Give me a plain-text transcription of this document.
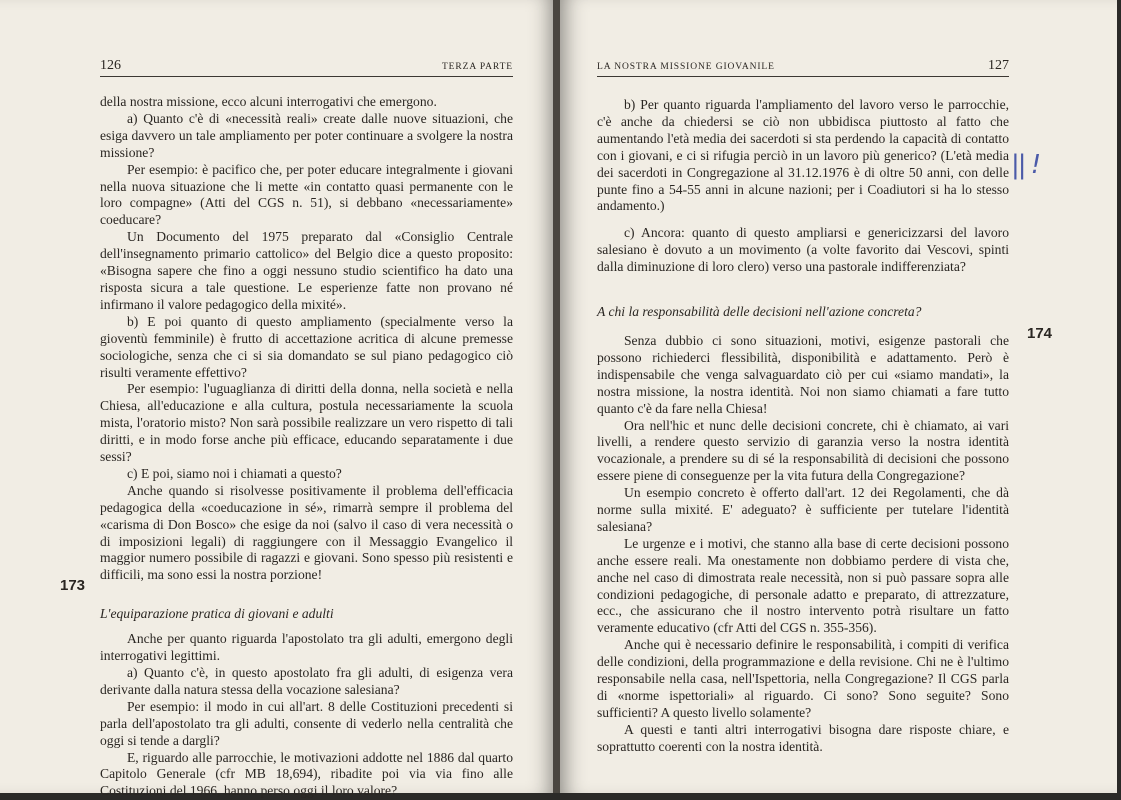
126	TERZA PARTE
173

della nostra missione, ecco alcuni interrogativi che emergono.

a) Quanto c'è di «necessità reali» create dalle nuove situazioni, che esiga davvero un tale ampliamento per poter continuare a svolgere la nostra missione?

Per esempio: è pacifico che, per poter educare integralmente i giovani nella nuova situazione che li mette «in contatto quasi permanente con le loro compagne» (Atti del CGS n. 51), si debbano «necessariamente» coeducare?

Un Documento del 1975 preparato dal «Consiglio Centrale dell'insegnamento primario cattolico» del Belgio dice a questo proposito: «Bisogna sapere che fino a oggi nessuno studio scientifico ha dato una risposta sicura a tale questione. Le esperienze fatte non provano né infirmano il valore pedagogico della mixité».

b) E poi quanto di questo ampliamento (specialmente verso la gioventù femminile) è frutto di accettazione acritica di alcune premesse sociologiche, senza che ci si sia domandato se sul piano pedagogico ciò risulti veramente effettivo?

Per esempio: l'uguaglianza di diritti della donna, nella società e nella Chiesa, all'educazione e alla cultura, postula necessariamente la scuola mista, l'oratorio misto? Non sarà possibile realizzare un vero rispetto di tali diritti, e in modo forse anche più efficace, educando separatamente i due sessi?

c) E poi, siamo noi i chiamati a questo?

Anche quando si risolvesse positivamente il problema dell'efficacia pedagogica della «coeducazione in sé», rimarrà sempre il problema del «carisma di Don Bosco» che esige da noi (salvo il caso di vera necessità o di imposizioni legali) di raggiungere con il Messaggio Evangelico il maggior numero possibile di ragazzi e giovani. Sono spesso più resistenti e difficili, ma sono essi la nostra porzione!

L'equiparazione pratica di giovani e adulti

Anche per quanto riguarda l'apostolato tra gli adulti, emergono degli interrogativi legittimi.

a) Quanto c'è, in questo apostolato fra gli adulti, di esigenza vera derivante dalla natura stessa della vocazione salesiana?

Per esempio: il modo in cui all'art. 8 delle Costituzioni precedenti si parla dell'apostolato tra gli adulti, consente di vederlo nella centralità che oggi si tende a dargli?

E, riguardo alle parrocchie, le motivazioni addotte nel 1886 dal quarto Capitolo Generale (cfr MB 18,694), ribadite poi via via fino alle Costituzioni del 1966, hanno perso oggi il loro valore?

LA NOSTRA MISSIONE GIOVANILE	127
174
|| !

b) Per quanto riguarda l'ampliamento del lavoro verso le parrocchie, c'è anche da chiedersi se ciò non ubbidisca piuttosto al fatto che aumentando l'età media dei sacerdoti si sta perdendo la capacità di contatto con i giovani, e ci si rifugia perciò in un lavoro più generico? (L'età media dei sacerdoti in Congregazione al 31.12.1976 è di oltre 50 anni, con delle punte fino a 54-55 anni in alcune nazioni; per i Coadiutori si ha lo stesso andamento.)

c) Ancora: quanto di questo ampliarsi e genericizzarsi del lavoro salesiano è dovuto a un movimento (a volte favorito dai Vescovi, spinti dalla diminuzione di loro clero) verso una pastorale indifferenziata?

A chi la responsabilità delle decisioni nell'azione concreta?

Senza dubbio ci sono situazioni, motivi, esigenze pastorali che possono richiederci flessibilità, disponibilità e adattamento. Però è indispensabile che venga salvaguardato ciò per cui «siamo mandati», la nostra missione, la nostra identità. Noi non siamo chiamati a fare tutto quanto c'è da fare nella Chiesa!

Ora nell'hic et nunc delle decisioni concrete, chi è chiamato, ai vari livelli, a rendere questo servizio di garanzia verso la nostra identità vocazionale, a prendere su di sé la responsabilità di decisioni che possono essere piene di conseguenze per la vita futura della Congregazione?

Un esempio concreto è offerto dall'art. 12 dei Regolamenti, che dà norme sulla mixité. E' adeguato? è sufficiente per tutelare l'identità salesiana?

Le urgenze e i motivi, che stanno alla base di certe decisioni possono anche essere reali. Ma onestamente non dobbiamo perdere di vista che, anche nel caso di dimostrata reale necessità, non si può passare sopra alle condizioni pedagogiche, di personale adatto e preparato, di attrezzature, ecc., che assicurano che il nostro intervento potrà risultare un fatto veramente educativo (cfr Atti del CGS n. 355-356).

Anche qui è necessario definire le responsabilità, i compiti di verifica delle condizioni, della programmazione e della revisione. Chi ne è l'ultimo responsabile nella casa, nell'Ispettoria, nella Congregazione? Il CGS parla di «norme ispettoriali» al riguardo. Ci sono? Sono seguite? Sono sufficienti? A questo livello solamente?

A questi e tanti altri interrogativi bisogna dare risposte chiare, e soprattutto coerenti con la nostra identità.
